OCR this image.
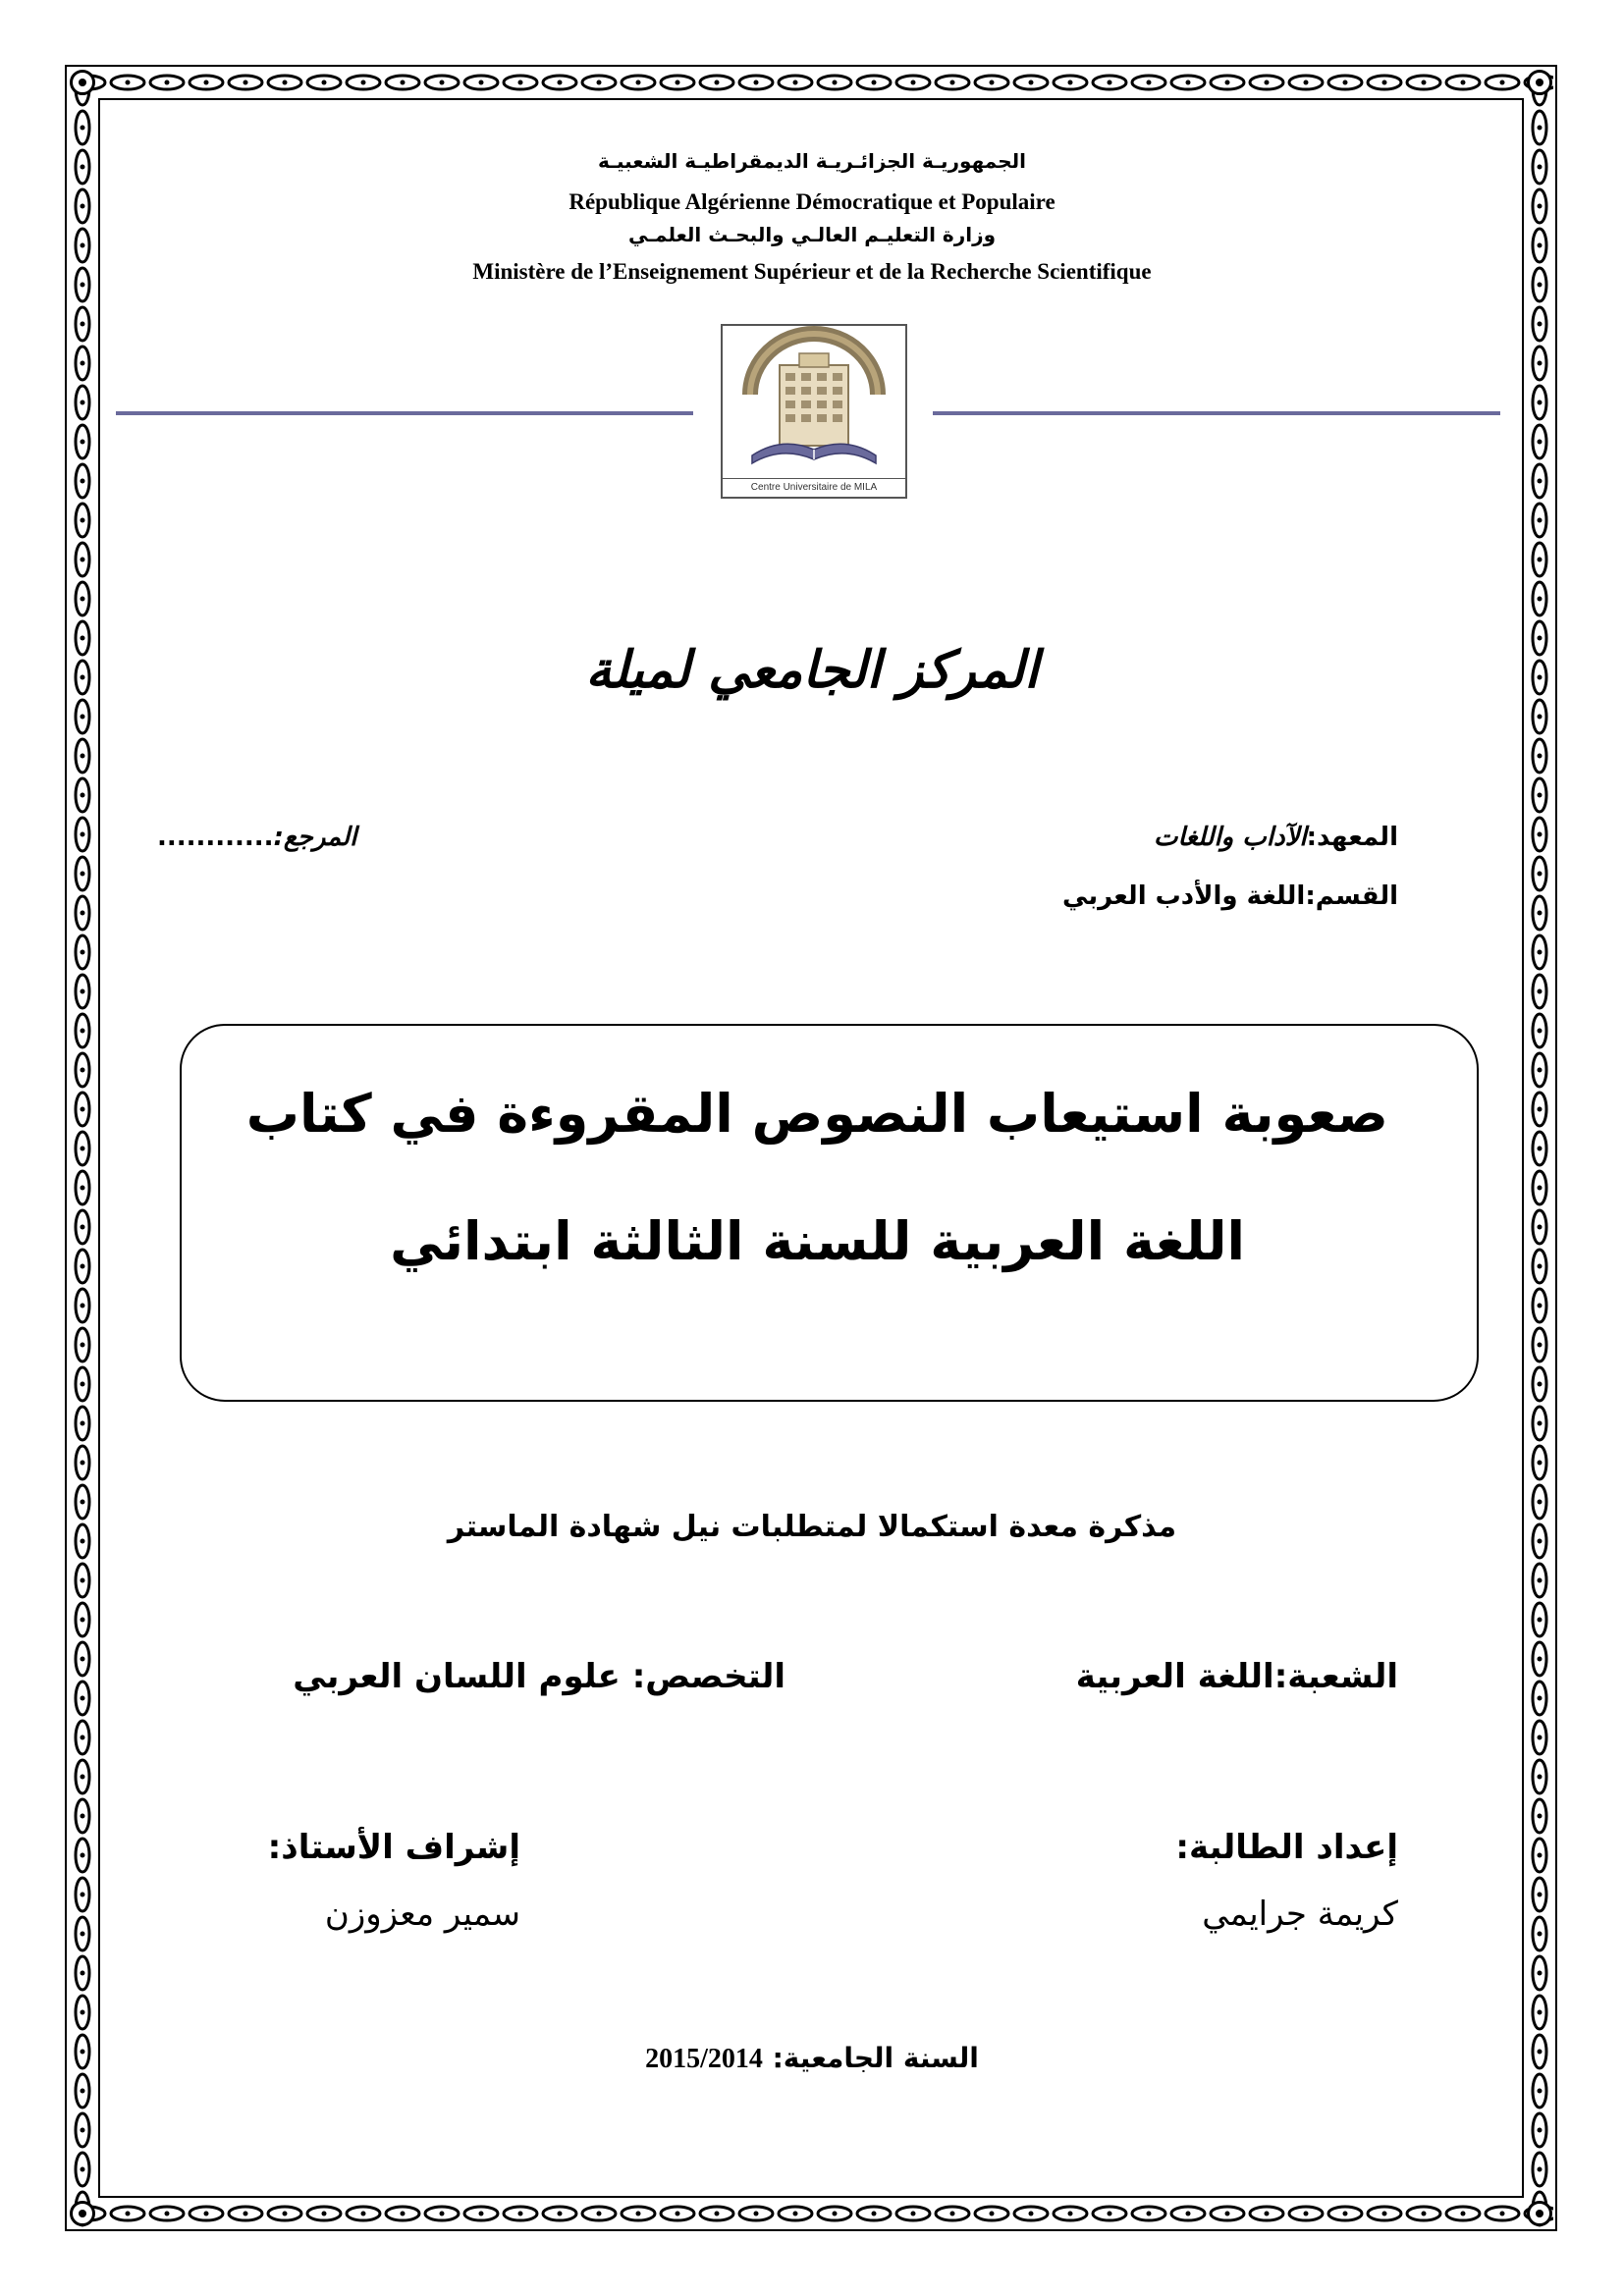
الجمهوريـة الجزائـريـة الديمقراطيـة الشعبيـة
République Algérienne Démocratique et Populaire
وزارة التعليـم العالـي والبحـث العلمـي
Ministère de l’Enseignement Supérieur et de la Recherche Scientifique
Centre Universitaire de MILA
المركز الجامعي لميلة
المعهد:الآداب واللغات
القسم:اللغة والأدب العربي
المرجع:............
صعوبة استيعاب النصوص المقروءة في كتاب
اللغة العربية للسنة الثالثة ابتدائي
مذكرة معدة استكمالا لمتطلبات نيل شهادة الماستر
الشعبة:اللغة العربية
التخصص: علوم اللسان العربي
إعداد الطالبة:
كريمة جرايمي
إشراف الأستاذ:
سمير معزوزن
2015/2014 السنة الجامعية:
